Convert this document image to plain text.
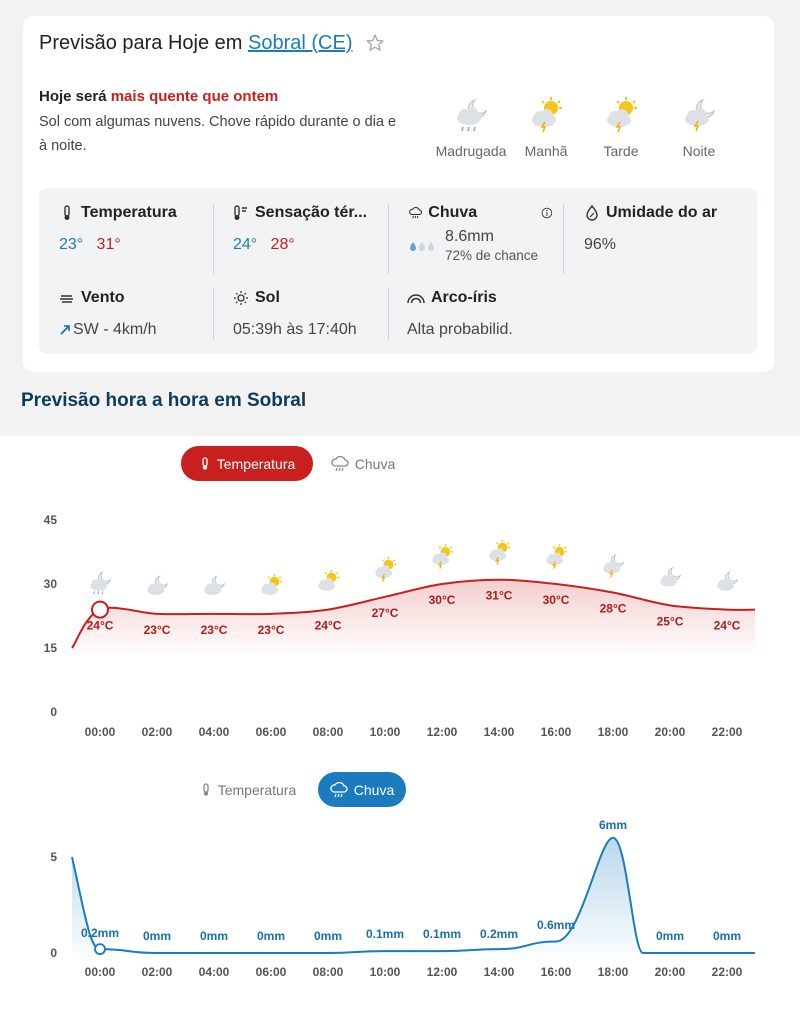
Previsão para Hoje em Sobral (CE)
Hoje será mais quente que ontem
Sol com algumas nuvens. Chove rápido durante o dia e à noite.	Madrugada	Manhã	Tarde	Noite
Temperatura
23° 31°
Sensação tér...
24° 28°
Chuva
8.6mm
72% de chance
Umidade do ar
96%
Vento
SW - 4km/h
Sol
05:39h às 17:40h
Arco-íris
Alta probabilid.
Previsão hora a hora em Sobral
Temperatura	Chuva
45
30
15
0
24°C
00:00
23°C
02:00
23°C
04:00
23°C
06:00
24°C
08:00
27°C
10:00
30°C
12:00
31°C
14:00
30°C
16:00
28°C
18:00
25°C
20:00
24°C
22:00
Temperatura	Chuva
5
0
0.2mm
00:00
0mm
02:00
0mm
04:00
0mm
06:00
0mm
08:00
0.1mm
10:00
0.1mm
12:00
0.2mm
14:00
0.6mm
16:00
6mm
18:00
0mm
20:00
0mm
22:00
